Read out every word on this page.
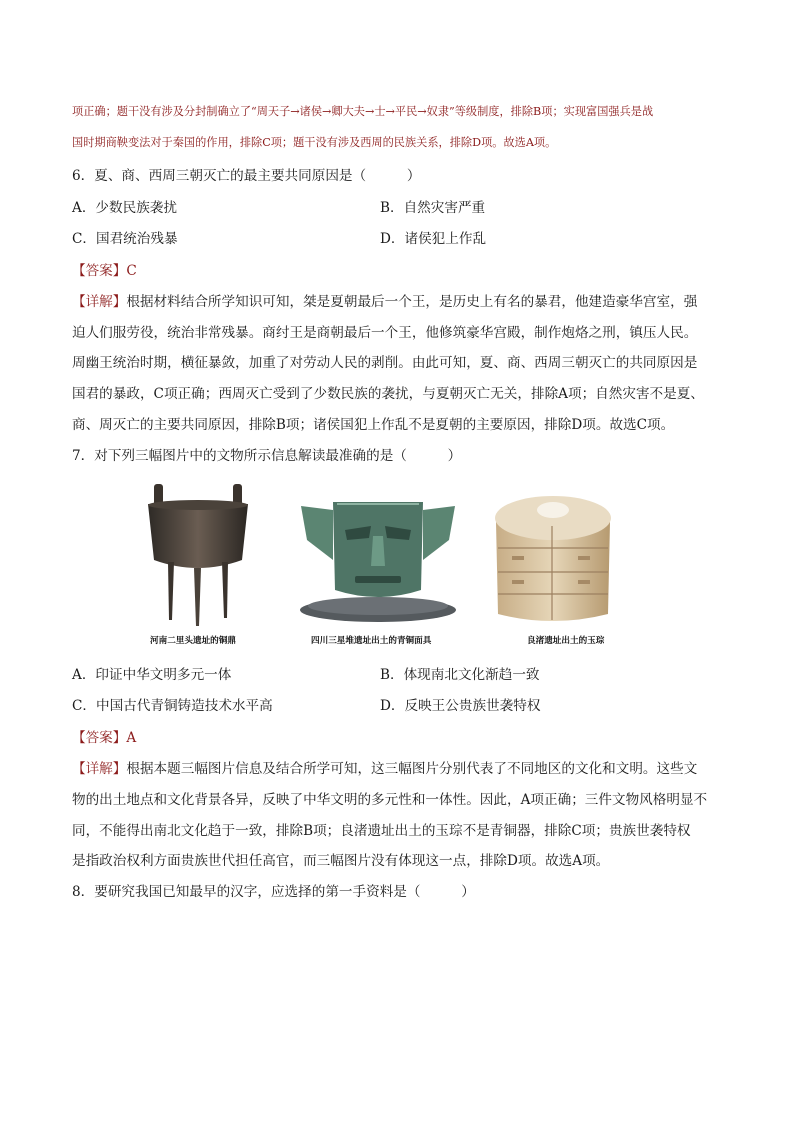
项正确；题干没有涉及分封制确立了“周天子→诸侯→卿大夫→士→平民→奴隶”等级制度，排除B项；实现富国强兵是战
国时期商鞅变法对于秦国的作用，排除C项；题干没有涉及西周的民族关系，排除D项。故选A项。
6．夏、商、西周三朝灭亡的最主要共同原因是（　　　）
A．少数民族袭扰	B．自然灾害严重
C．国君统治残暴	D．诸侯犯上作乱
【答案】C
【详解】根据材料结合所学知识可知，桀是夏朝最后一个王，是历史上有名的暴君，他建造豪华宫室，强
迫人们服劳役，统治非常残暴。商纣王是商朝最后一个王，他修筑豪华宫殿，制作炮烙之刑，镇压人民。
周幽王统治时期，横征暴敛，加重了对劳动人民的剥削。由此可知，夏、商、西周三朝灭亡的共同原因是
国君的暴政，C项正确；西周灭亡受到了少数民族的袭扰，与夏朝灭亡无关，排除A项；自然灾害不是夏、
商、周灭亡的主要共同原因，排除B项；诸侯国犯上作乱不是夏朝的主要原因，排除D项。故选C项。
7．对下列三幅图片中的文物所示信息解读最准确的是（　　　）
河南二里头遗址的铜鼎	四川三星堆遗址出土的青铜面具	良渚遗址出土的玉琮
A．印证中华文明多元一体	B．体现南北文化渐趋一致
C．中国古代青铜铸造技术水平高	D．反映王公贵族世袭特权
【答案】A
【详解】根据本题三幅图片信息及结合所学可知，这三幅图片分别代表了不同地区的文化和文明。这些文
物的出土地点和文化背景各异，反映了中华文明的多元性和一体性。因此，A项正确；三件文物风格明显不
同，不能得出南北文化趋于一致，排除B项；良渚遗址出土的玉琮不是青铜器，排除C项；贵族世袭特权
是指政治权利方面贵族世代担任高官，而三幅图片没有体现这一点，排除D项。故选A项。
8．要研究我国已知最早的汉字，应选择的第一手资料是（　　　）
